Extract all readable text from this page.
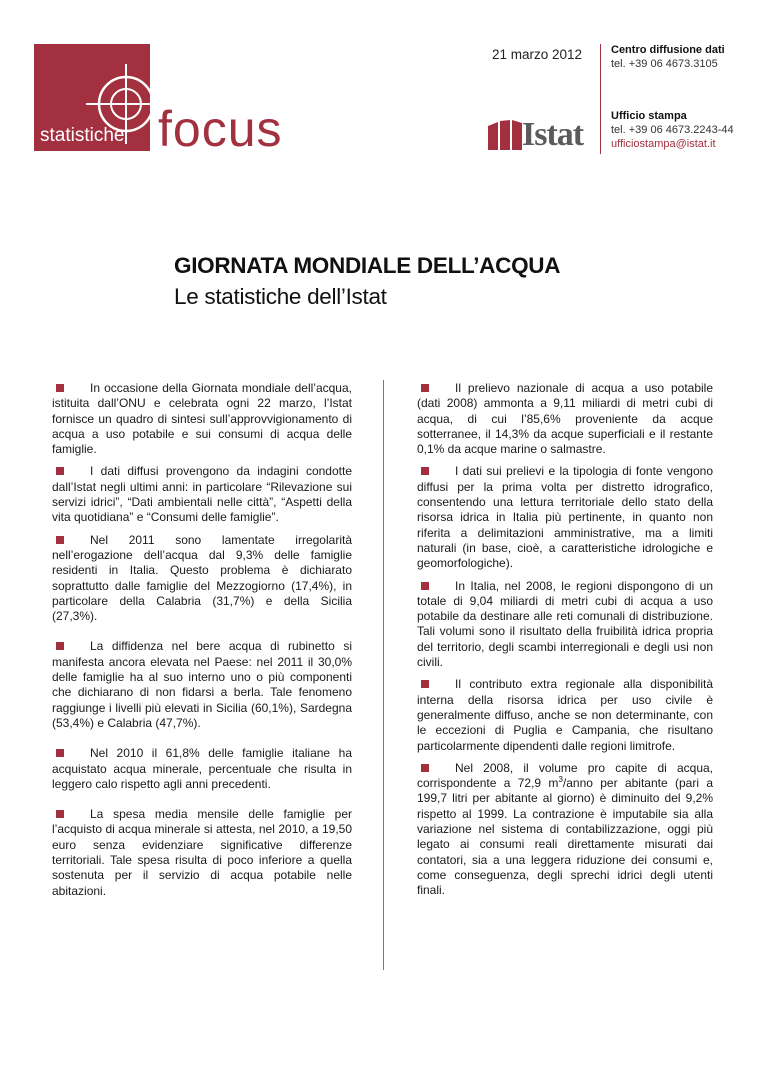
statistiche focus
21 marzo 2012	Centro diffusione dati
tel. +39 06 4673.3105
Ufficio stampa
tel. +39 06 4673.2243-44
ufficiostampa@istat.it
Istat
GIORNATA MONDIALE DELL’ACQUA
Le statistiche dell’Istat

In occasione della Giornata mondiale dell’acqua, istituita dall’ONU e celebrata ogni 22 marzo, l’Istat fornisce un quadro di sintesi sull’approvvigionamento di acqua a uso potabile e sui consumi di acqua delle famiglie.

I dati diffusi provengono da indagini condotte dall’Istat negli ultimi anni: in particolare “Rilevazione sui servizi idrici”, “Dati ambientali nelle città”, “Aspetti della vita quotidiana” e “Consumi delle famiglie”.

Nel 2011 sono lamentate irregolarità nell’erogazione dell’acqua dal 9,3% delle famiglie residenti in Italia. Questo problema è dichiarato soprattutto dalle famiglie del Mezzogiorno (17,4%), in particolare della Calabria (31,7%) e della Sicilia (27,3%).

La diffidenza nel bere acqua di rubinetto si manifesta ancora elevata nel Paese: nel 2011 il 30,0% delle famiglie ha al suo interno uno o più componenti che dichiarano di non fidarsi a berla. Tale fenomeno raggiunge i livelli più elevati in Sicilia (60,1%), Sardegna (53,4%) e Calabria (47,7%).

Nel 2010 il 61,8% delle famiglie italiane ha acquistato acqua minerale, percentuale che risulta in leggero calo rispetto agli anni precedenti.

La spesa media mensile delle famiglie per l’acquisto di acqua minerale si attesta, nel 2010, a 19,50 euro senza evidenziare significative differenze territoriali. Tale spesa risulta di poco inferiore a quella sostenuta per il servizio di acqua potabile nelle abitazioni.

Il prelievo nazionale di acqua a uso potabile (dati 2008) ammonta a 9,11 miliardi di metri cubi di acqua, di cui l’85,6% proveniente da acque sotterranee, il 14,3% da acque superficiali e il restante 0,1% da acque marine o salmastre.

I dati sui prelievi e la tipologia di fonte vengono diffusi per la prima volta per distretto idrografico, consentendo una lettura territoriale dello stato della risorsa idrica in Italia più pertinente, in quanto non riferita a delimitazioni amministrative, ma a limiti naturali (in base, cioè, a caratteristiche idrologiche e geomorfologiche).

In Italia, nel 2008, le regioni dispongono di un totale di 9,04 miliardi di metri cubi di acqua a uso potabile da destinare alle reti comunali di distribuzione. Tali volumi sono il risultato della fruibilità idrica propria del territorio, degli scambi interregionali e degli usi non civili.

Il contributo extra regionale alla disponibilità interna della risorsa idrica per uso civile è generalmente diffuso, anche se non determinante, con le eccezioni di Puglia e Campania, che risultano particolarmente dipendenti dalle regioni limitrofe.

Nel 2008, il volume pro capite di acqua, corrispondente a 72,9 $m^3$/anno per abitante (pari a 199,7 litri per abitante al giorno) è diminuito del 9,2% rispetto al 1999. La contrazione è imputabile sia alla variazione nel sistema di contabilizzazione, oggi più legato ai consumi reali direttamente misurati dai contatori, sia a una leggera riduzione dei consumi e, come conseguenza, degli sprechi idrici degli utenti finali.
